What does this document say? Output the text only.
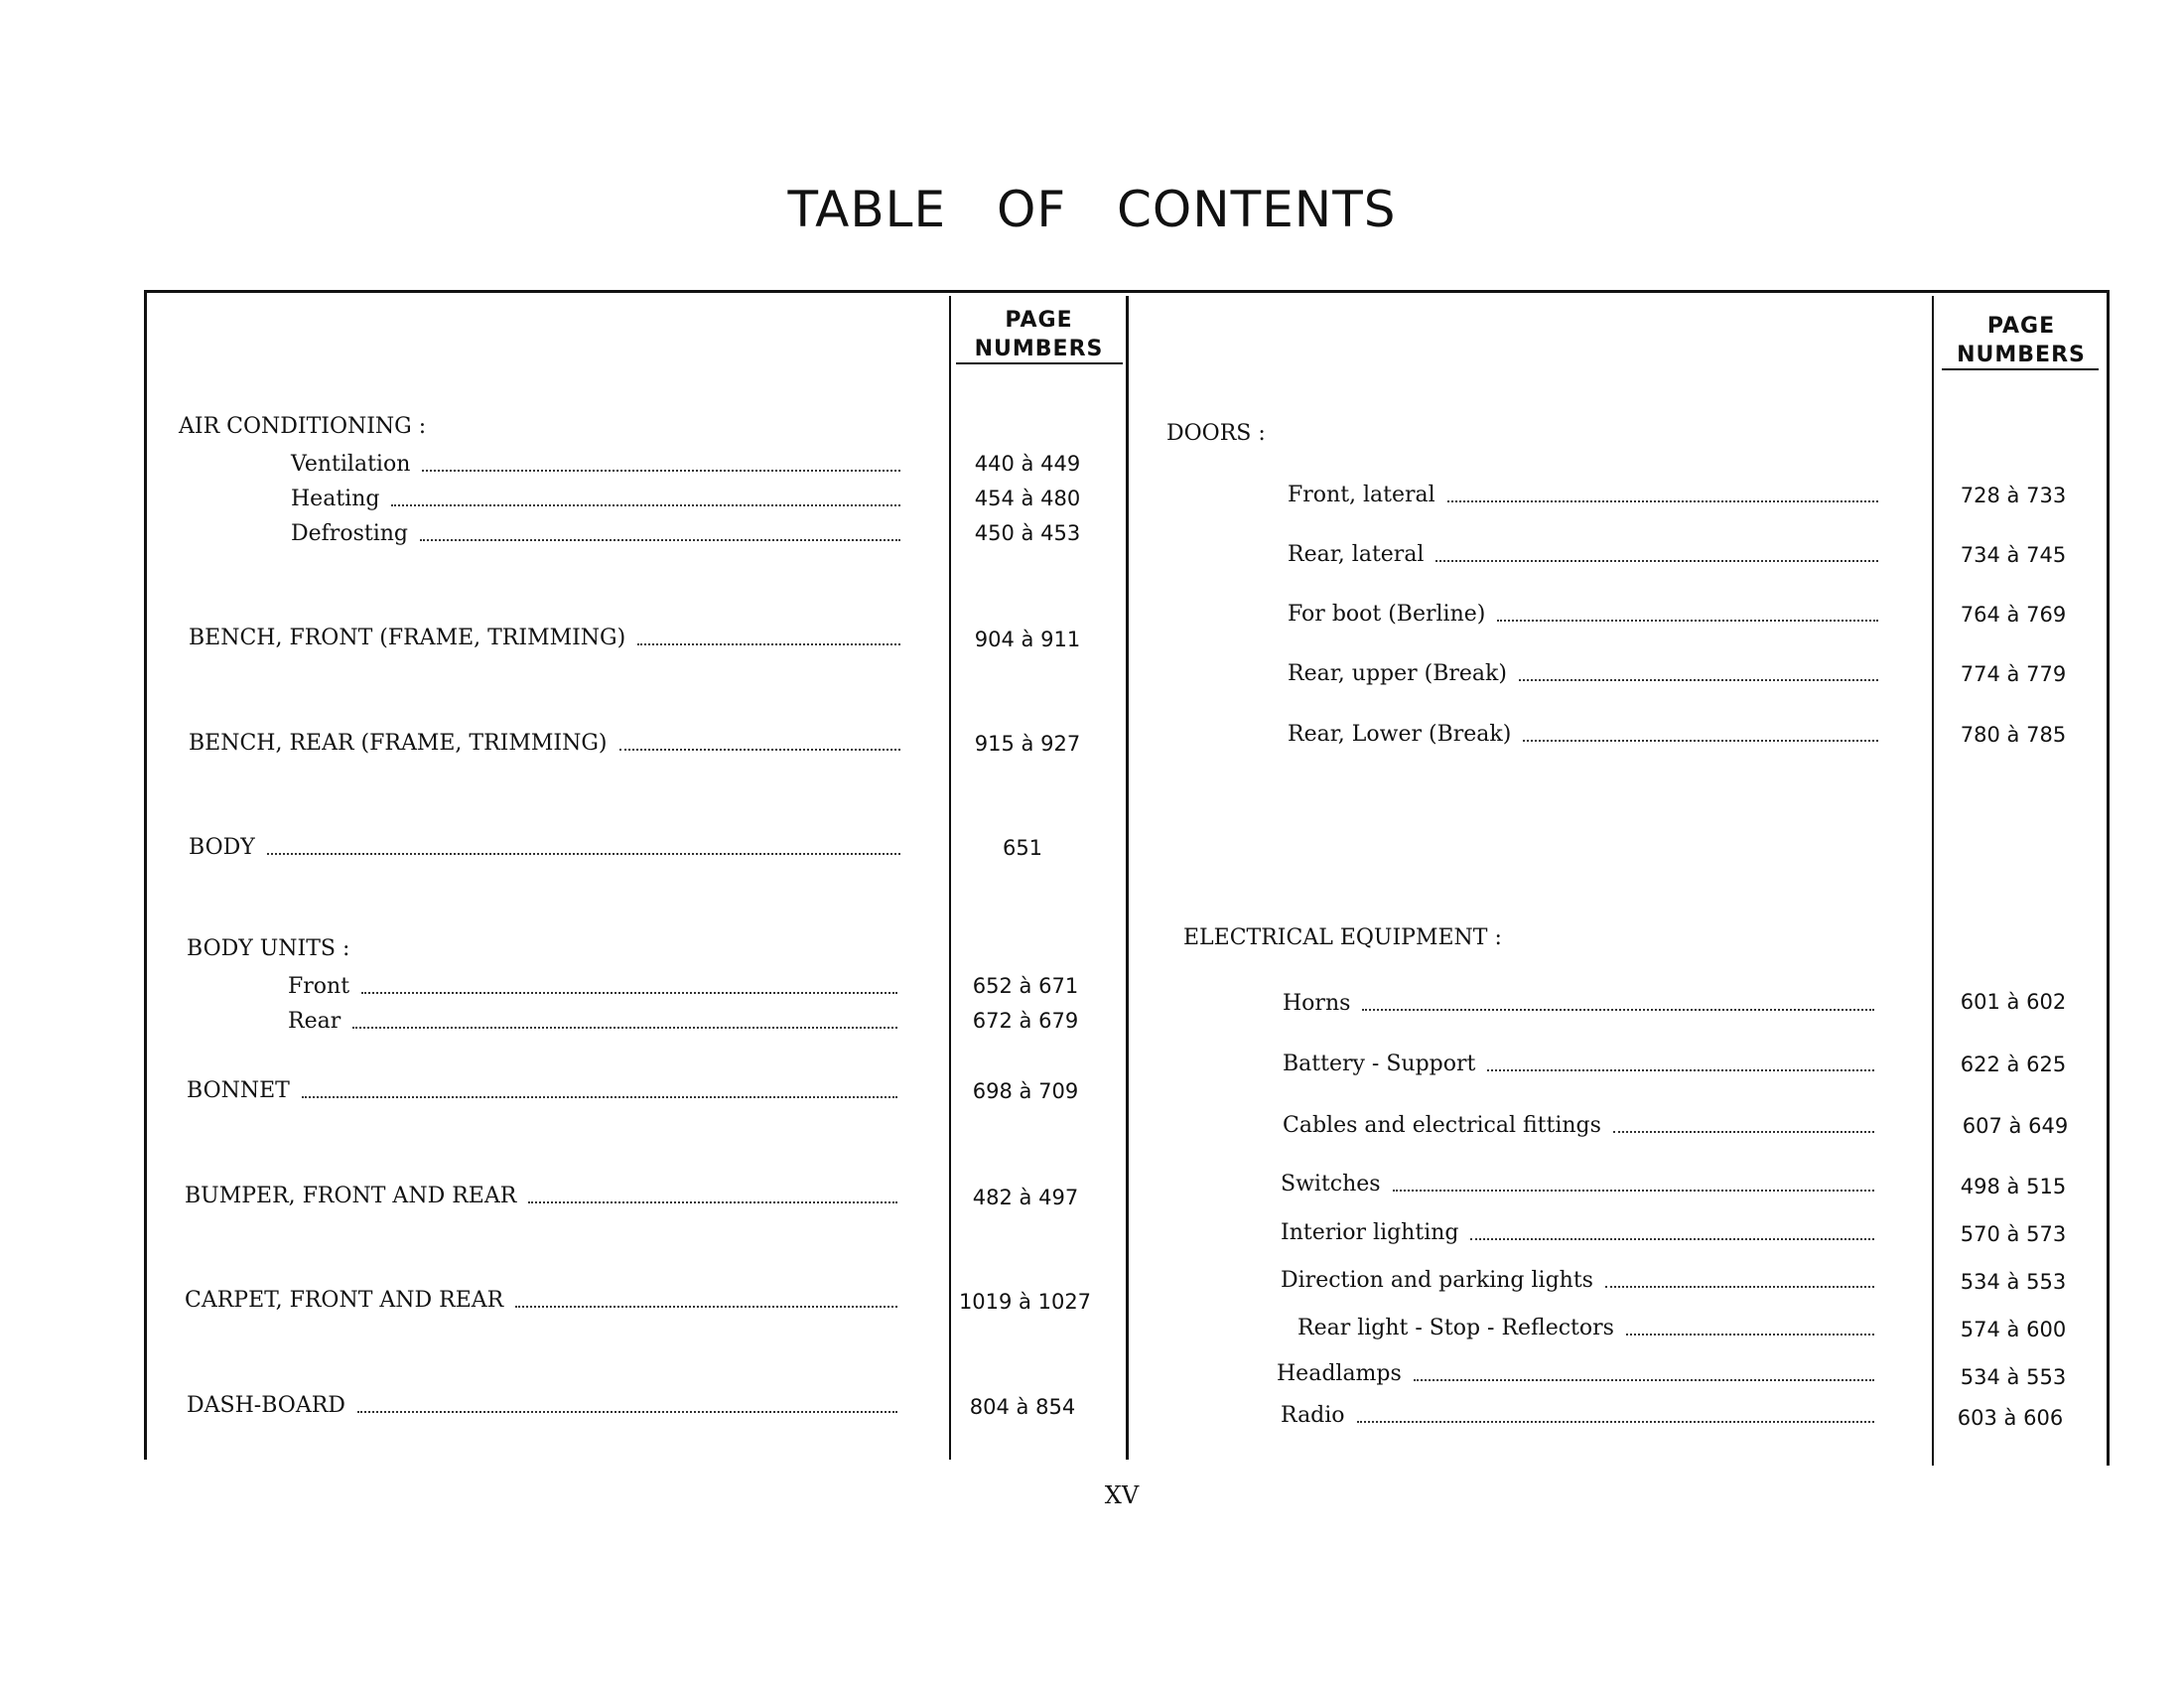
TABLE OF CONTENTS
PAGE
NUMBERS
PAGE
NUMBERS
AIR CONDITIONING :
Ventilation	440 à 449
Heating	454 à 480
Defrosting	450 à 453
BENCH, FRONT (FRAME, TRIMMING)	904 à 911
BENCH, REAR (FRAME, TRIMMING)	915 à 927
BODY	651
BODY UNITS :
Front	652 à 671
Rear	672 à 679
BONNET	698 à 709
BUMPER, FRONT AND REAR	482 à 497
CARPET, FRONT AND REAR	1019 à 1027
DASH-BOARD	804 à 854
DOORS :
Front, lateral	728 à 733
Rear, lateral	734 à 745
For boot (Berline)	764 à 769
Rear, upper (Break)	774 à 779
Rear, Lower (Break)	780 à 785
ELECTRICAL EQUIPMENT :
Horns	601 à 602
Battery - Support	622 à 625
Cables and electrical fittings	607 à 649
Switches	498 à 515
Interior lighting	570 à 573
Direction and parking lights	534 à 553
Rear light - Stop - Reflectors	574 à 600
Headlamps	534 à 553
Radio	603 à 606
XV
